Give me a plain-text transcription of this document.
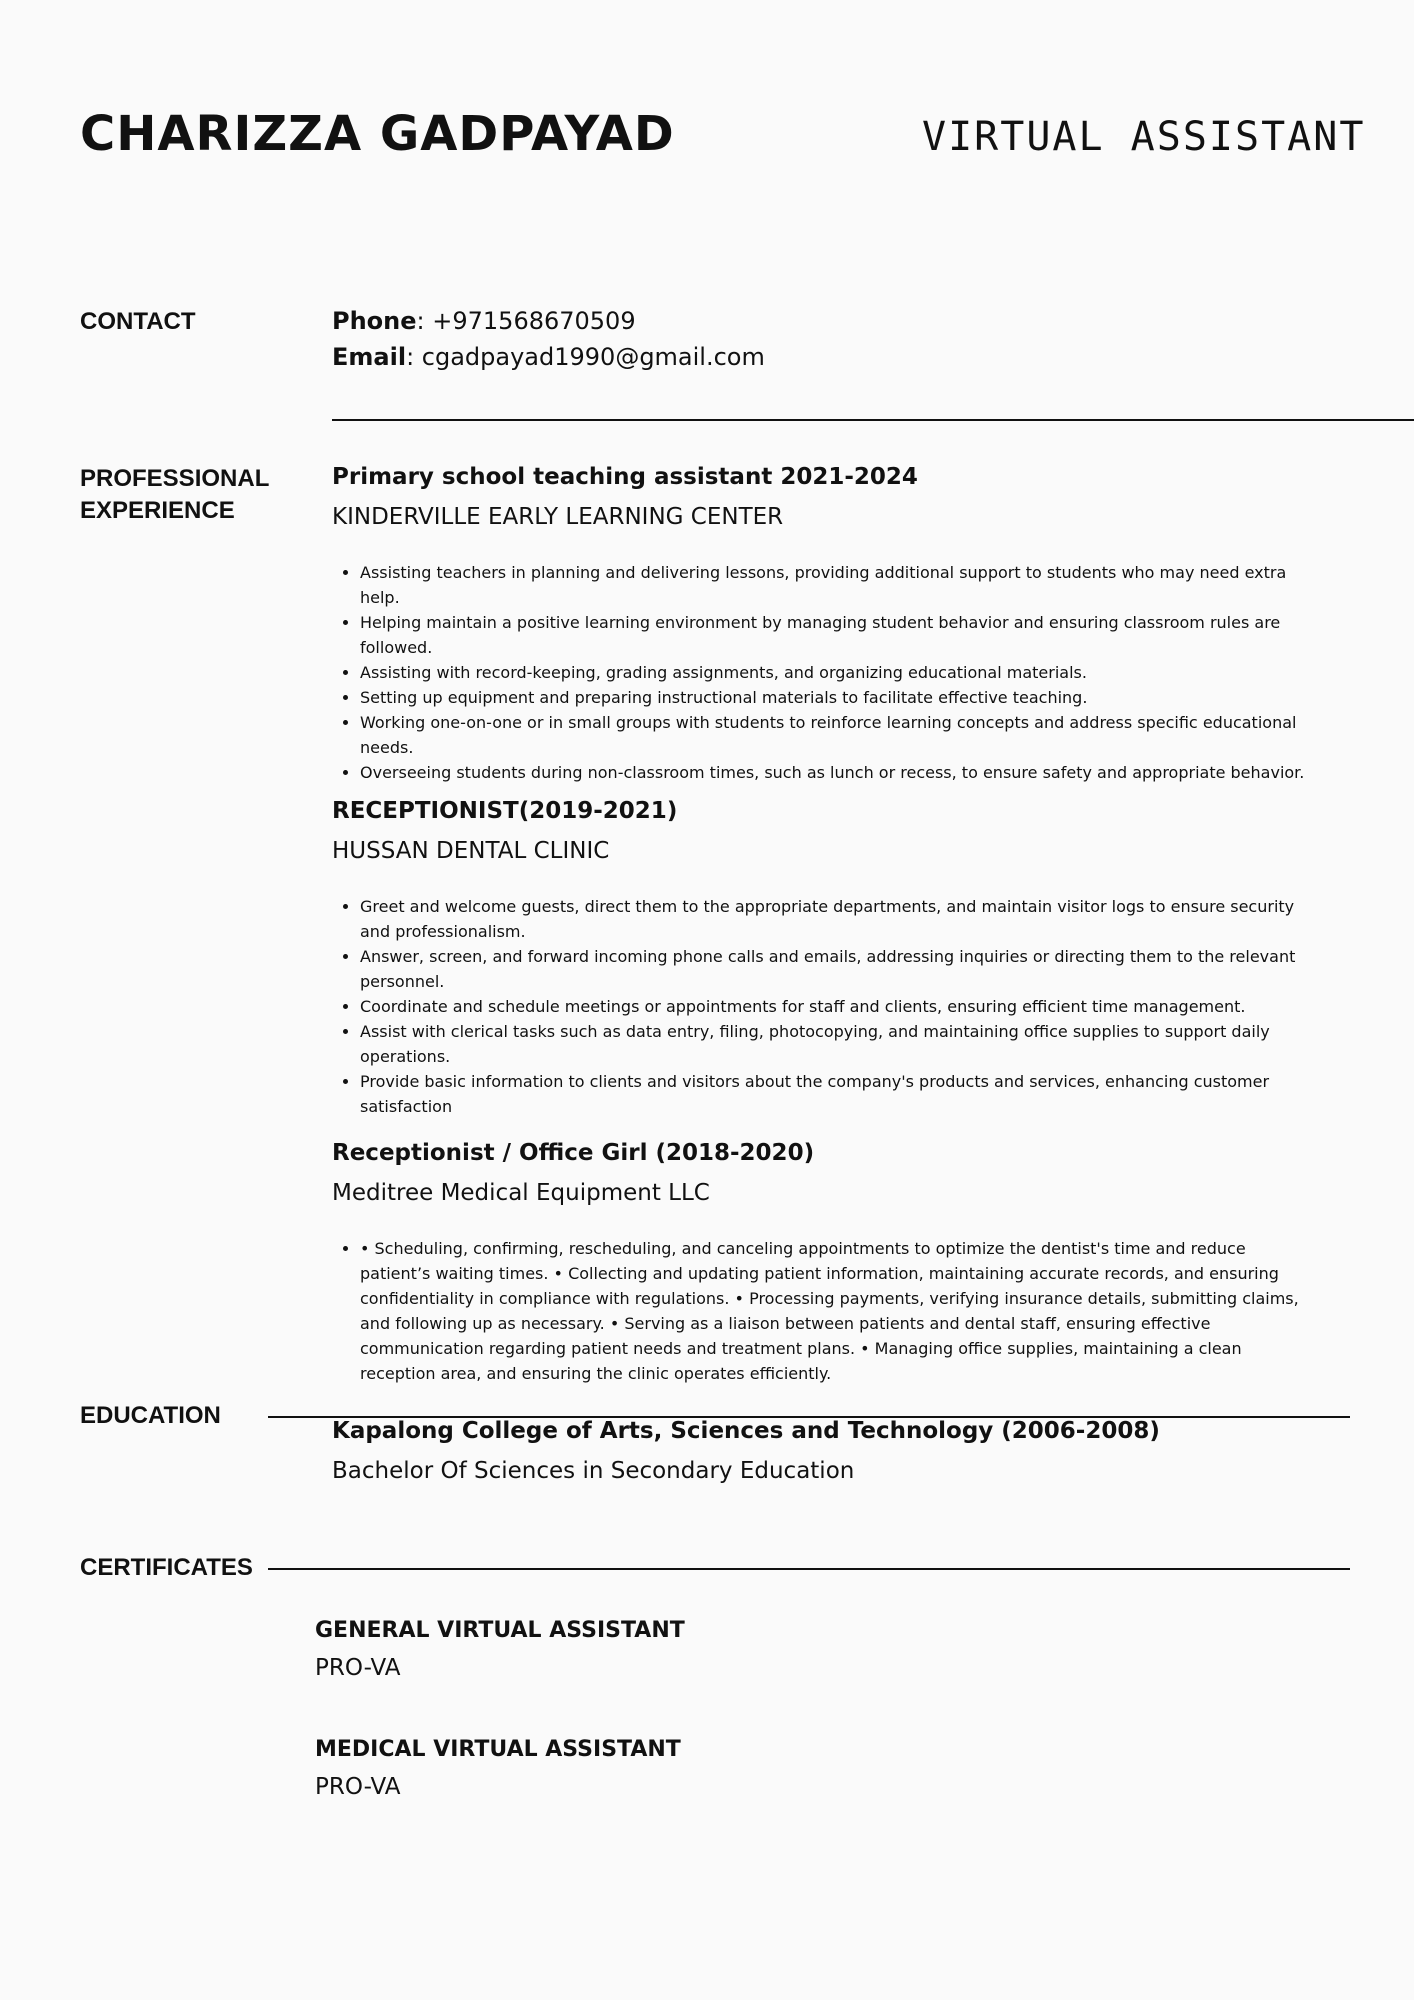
CHARIZZA GADPAYAD	VIRTUAL ASSISTANT
CONTACT	Phone: +971568670509
Email: cgadpayad1990@gmail.com
PROFESSIONAL
EXPERIENCE
Primary school teaching assistant 2021-2024
KINDERVILLE EARLY LEARNING CENTER
• Assisting teachers in planning and delivering lessons, providing additional support to students who may need extra help.
• Helping maintain a positive learning environment by managing student behavior and ensuring classroom rules are followed.
• Assisting with record-keeping, grading assignments, and organizing educational materials.
• Setting up equipment and preparing instructional materials to facilitate effective teaching.
• Working one-on-one or in small groups with students to reinforce learning concepts and address specific educational needs.
• Overseeing students during non-classroom times, such as lunch or recess, to ensure safety and appropriate behavior.
RECEPTIONIST(2019-2021)
HUSSAN DENTAL CLINIC
• Greet and welcome guests, direct them to the appropriate departments, and maintain visitor logs to ensure security and professionalism.
• Answer, screen, and forward incoming phone calls and emails, addressing inquiries or directing them to the relevant personnel.
• Coordinate and schedule meetings or appointments for staff and clients, ensuring efficient time management.
• Assist with clerical tasks such as data entry, filing, photocopying, and maintaining office supplies to support daily operations.
• Provide basic information to clients and visitors about the company's products and services, enhancing customer satisfaction
Receptionist / Office Girl (2018-2020)
Meditree Medical Equipment LLC
• • Scheduling, confirming, rescheduling, and canceling appointments to optimize the dentist's time and reduce patient’s waiting times. • Collecting and updating patient information, maintaining accurate records, and ensuring confidentiality in compliance with regulations. • Processing payments, verifying insurance details, submitting claims, and following up as necessary. • Serving as a liaison between patients and dental staff, ensuring effective communication regarding patient needs and treatment plans. • Managing office supplies, maintaining a clean reception area, and ensuring the clinic operates efficiently.
EDUCATION
Kapalong College of Arts, Sciences and Technology (2006-2008)
Bachelor Of Sciences in Secondary Education
CERTIFICATES
GENERAL VIRTUAL ASSISTANT
PRO-VA
MEDICAL VIRTUAL ASSISTANT
PRO-VA
